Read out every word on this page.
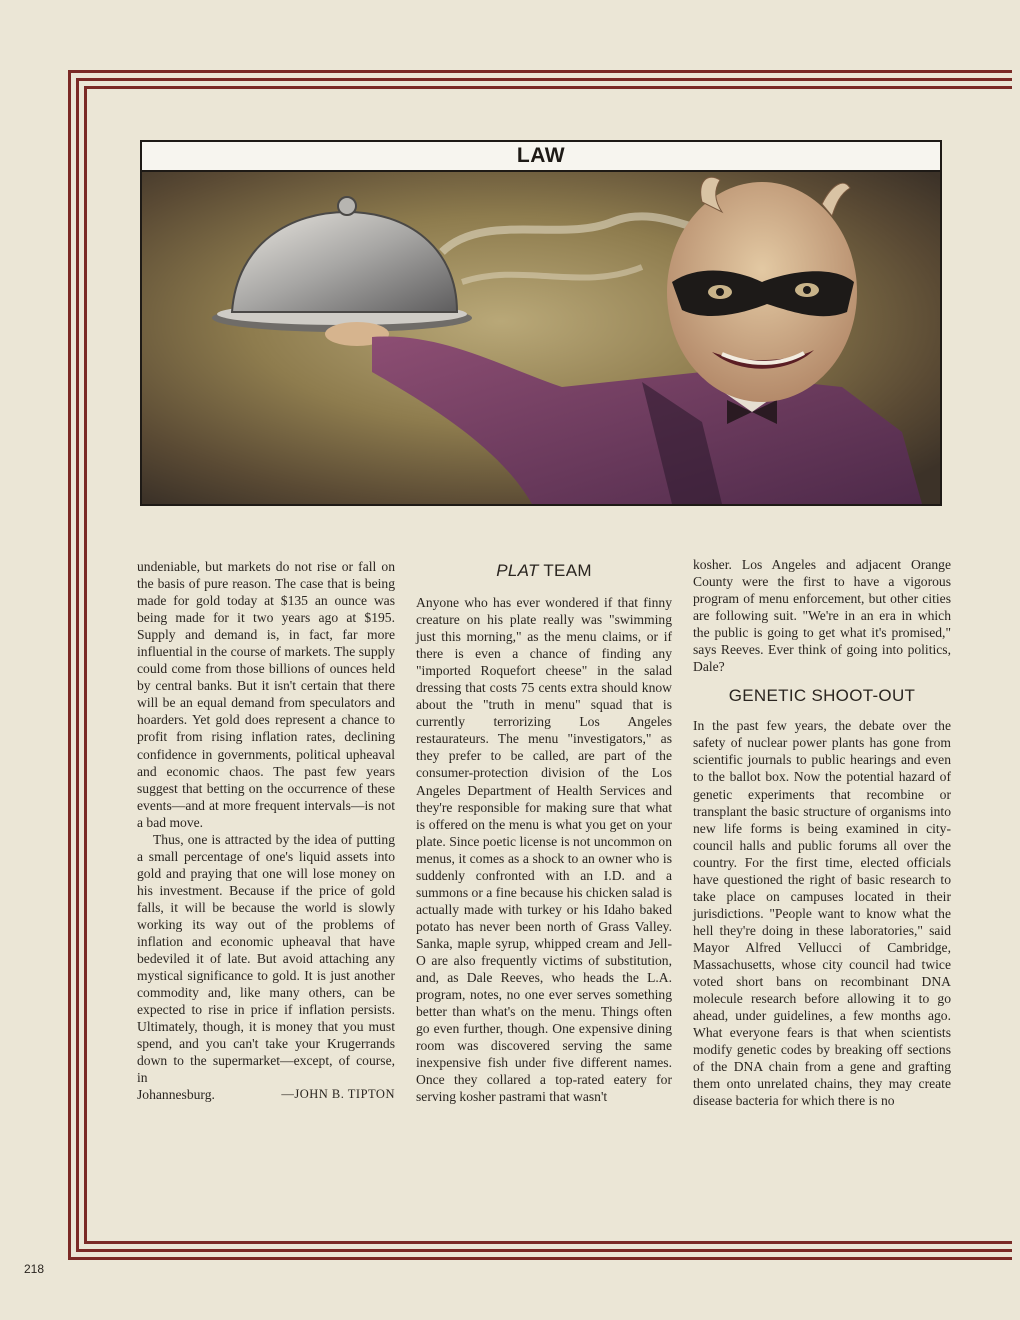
LAW

undeniable, but markets do not rise or fall on the basis of pure reason. The case that is being made for gold today at $135 an ounce was being made for it two years ago at $195. Supply and demand is, in fact, far more influential in the course of markets. The supply could come from those billions of ounces held by central banks. But it isn't certain that there will be an equal demand from speculators and hoarders. Yet gold does represent a chance to profit from rising inflation rates, declining confidence in governments, political upheaval and economic chaos. The past few years suggest that betting on the occurrence of these events—and at more frequent intervals—is not a bad move.

Thus, one is attracted by the idea of putting a small percentage of one's liquid assets into gold and praying that one will lose money on his investment. Because if the price of gold falls, it will be because the world is slowly working its way out of the problems of inflation and economic upheaval that have bedeviled it of late. But avoid attaching any mystical significance to gold. It is just another commodity and, like many others, can be expected to rise in price if inflation persists. Ultimately, though, it is money that you must spend, and you can't take your Krugerrands down to the supermarket—except, of course, in

Johannesburg.	—JOHN B. TIPTON
PLAT TEAM

Anyone who has ever wondered if that finny creature on his plate really was "swimming just this morning," as the menu claims, or if there is even a chance of finding any "imported Roquefort cheese" in the salad dressing that costs 75 cents extra should know about the "truth in menu" squad that is currently terrorizing Los Angeles restaurateurs. The menu "investigators," as they prefer to be called, are part of the consumer-protection division of the Los Angeles Department of Health Services and they're responsible for making sure that what is offered on the menu is what you get on your plate. Since poetic license is not uncommon on menus, it comes as a shock to an owner who is suddenly confronted with an I.D. and a summons or a fine because his chicken salad is actually made with turkey or his Idaho baked potato has never been north of Grass Valley. Sanka, maple syrup, whipped cream and Jell-O are also frequently victims of substitution, and, as Dale Reeves, who heads the L.A. program, notes, no one ever serves something better than what's on the menu. Things often go even further, though. One expensive dining room was discovered serving the same inexpensive fish under five different names. Once they collared a top-rated eatery for serving kosher pastrami that wasn't

kosher. Los Angeles and adjacent Orange County were the first to have a vigorous program of menu enforcement, but other cities are following suit. "We're in an era in which the public is going to get what it's promised," says Reeves. Ever think of going into politics, Dale?

GENETIC SHOOT-OUT

In the past few years, the debate over the safety of nuclear power plants has gone from scientific journals to public hearings and even to the ballot box. Now the potential hazard of genetic experiments that recombine or transplant the basic structure of organisms into new life forms is being examined in city-council halls and public forums all over the country. For the first time, elected officials have questioned the right of basic research to take place on campuses located in their jurisdictions. "People want to know what the hell they're doing in these laboratories," said Mayor Alfred Vellucci of Cambridge, Massachusetts, whose city council had twice voted short bans on recombinant DNA molecule research before allowing it to go ahead, under guidelines, a few months ago. What everyone fears is that when scientists modify genetic codes by breaking off sections of the DNA chain from a gene and grafting them onto unrelated chains, they may create disease bacteria for which there is no

218
